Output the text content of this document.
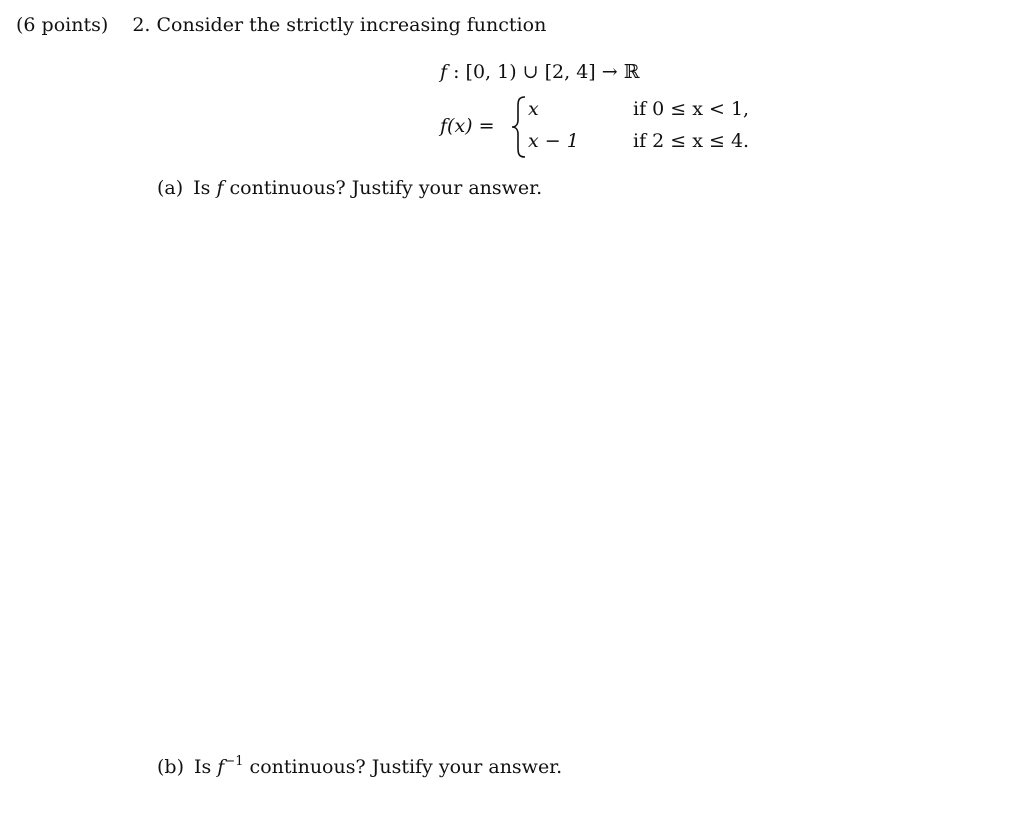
(6 points) 2. Consider the strictly increasing function
f : [0, 1) ∪ [2, 4] → ℝ
f(x) =
x	if 0 ≤ x < 1,
x − 1	if 2 ≤ x ≤ 4.
(a) Is f continuous? Justify your answer.
(b) Is $f^{-1}$ continuous? Justify your answer.
